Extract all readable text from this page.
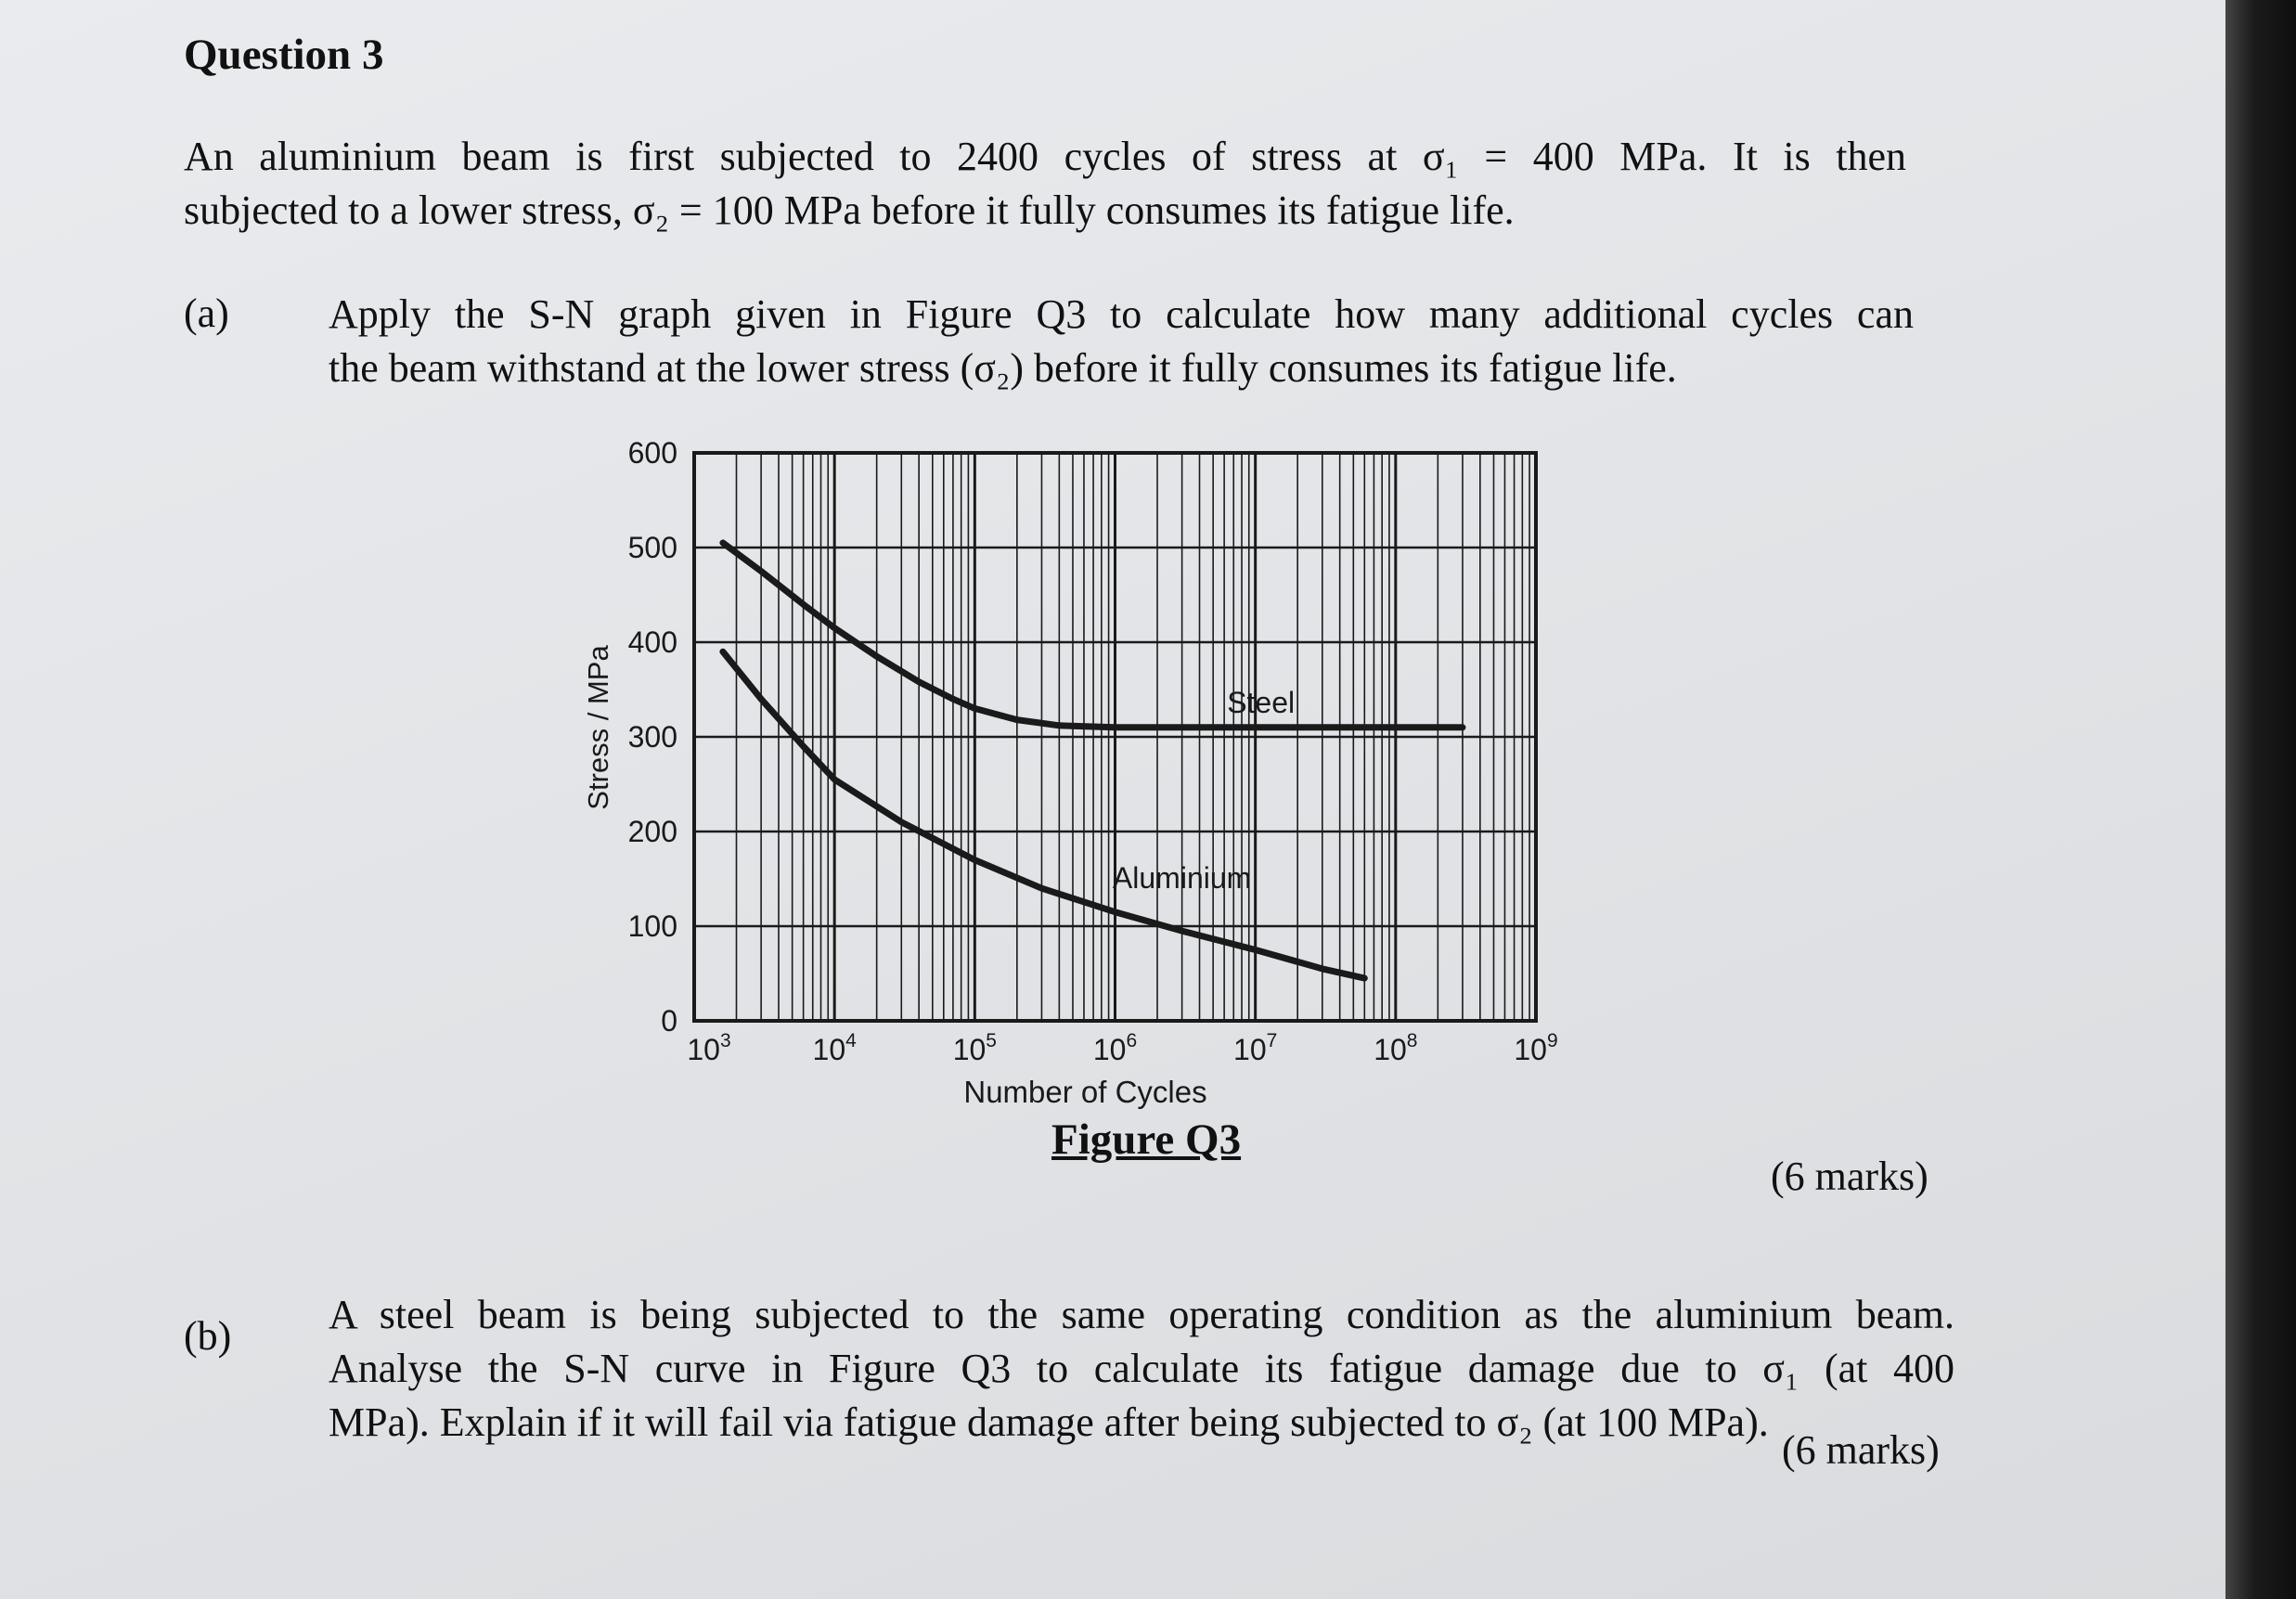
Question 3
An aluminium beam is first subjected to 2400 cycles of stress at σ₁ = 400 MPa. It is then
subjected to a lower stress, σ₂ = 100 MPa before it fully consumes its fatigue life.
(a) Apply the S-N graph given in Figure Q3 to calculate how many additional cycles can
the beam withstand at the lower stress (σ₂) before it fully consumes its fatigue life.
Steel
Aluminium
0
100
200
300
400
500
600
$10^3$	$10^4$	$10^5$	$10^6$	$10^7$	$10^8$	$10^9$
Number of Cycles
Stress / MPa
Figure Q3
(6 marks)
(b) A steel beam is being subjected to the same operating condition as the aluminium beam.
Analyse the S-N curve in Figure Q3 to calculate its fatigue damage due to σ₁ (at 400
MPa). Explain if it will fail via fatigue damage after being subjected to σ₂ (at 100 MPa).
(6 marks)
